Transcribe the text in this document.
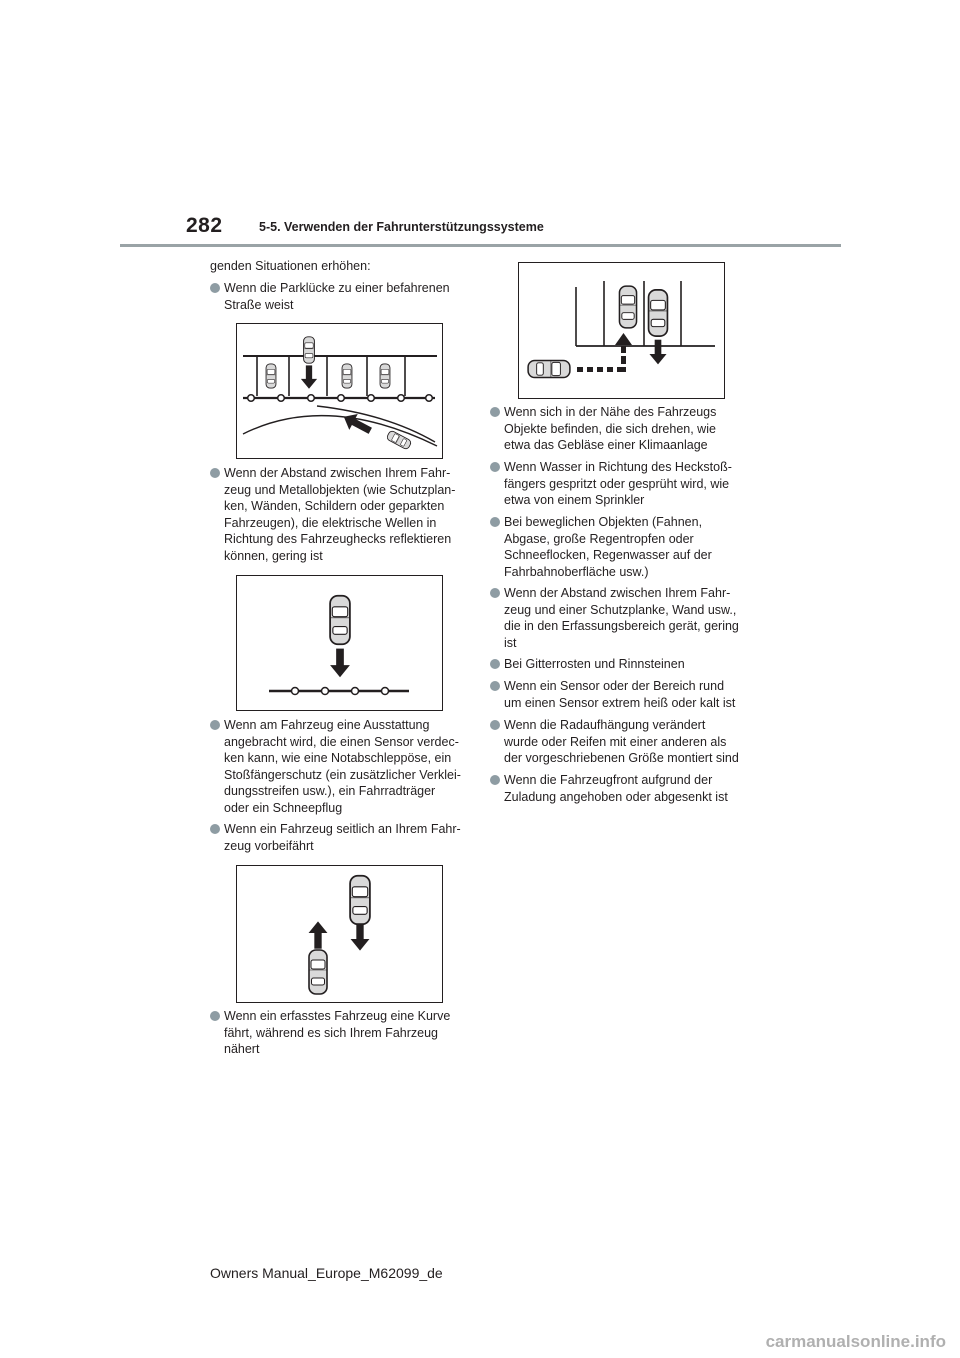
282	5-5. Verwenden der Fahrunterstützungssysteme
genden Situationen erhöhen:
Wenn die Parklücke zu einer befahrenen
Straße weist
Wenn der Abstand zwischen Ihrem Fahr-
zeug und Metallobjekten (wie Schutzplan-
ken, Wänden, Schildern oder geparkten
Fahrzeugen), die elektrische Wellen in
Richtung des Fahrzeughecks reflektieren
können, gering ist
Wenn am Fahrzeug eine Ausstattung
angebracht wird, die einen Sensor verdec-
ken kann, wie eine Notabschleppöse, ein
Stoßfängerschutz (ein zusätzlicher Verklei-
dungsstreifen usw.), ein Fahrradträger
oder ein Schneepflug
Wenn ein Fahrzeug seitlich an Ihrem Fahr-
zeug vorbeifährt
Wenn ein erfasstes Fahrzeug eine Kurve
fährt, während es sich Ihrem Fahrzeug
nähert
Wenn sich in der Nähe des Fahrzeugs
Objekte befinden, die sich drehen, wie
etwa das Gebläse einer Klimaanlage
Wenn Wasser in Richtung des Heckstoß-
fängers gespritzt oder gesprüht wird, wie
etwa von einem Sprinkler
Bei beweglichen Objekten (Fahnen,
Abgase, große Regentropfen oder
Schneeflocken, Regenwasser auf der
Fahrbahnoberfläche usw.)
Wenn der Abstand zwischen Ihrem Fahr-
zeug und einer Schutzplanke, Wand usw.,
die in den Erfassungsbereich gerät, gering
ist
Bei Gitterrosten und Rinnsteinen
Wenn ein Sensor oder der Bereich rund
um einen Sensor extrem heiß oder kalt ist
Wenn die Radaufhängung verändert
wurde oder Reifen mit einer anderen als
der vorgeschriebenen Größe montiert sind
Wenn die Fahrzeugfront aufgrund der
Zuladung angehoben oder abgesenkt ist
Owners Manual_Europe_M62099_de
carmanualsonline.info
